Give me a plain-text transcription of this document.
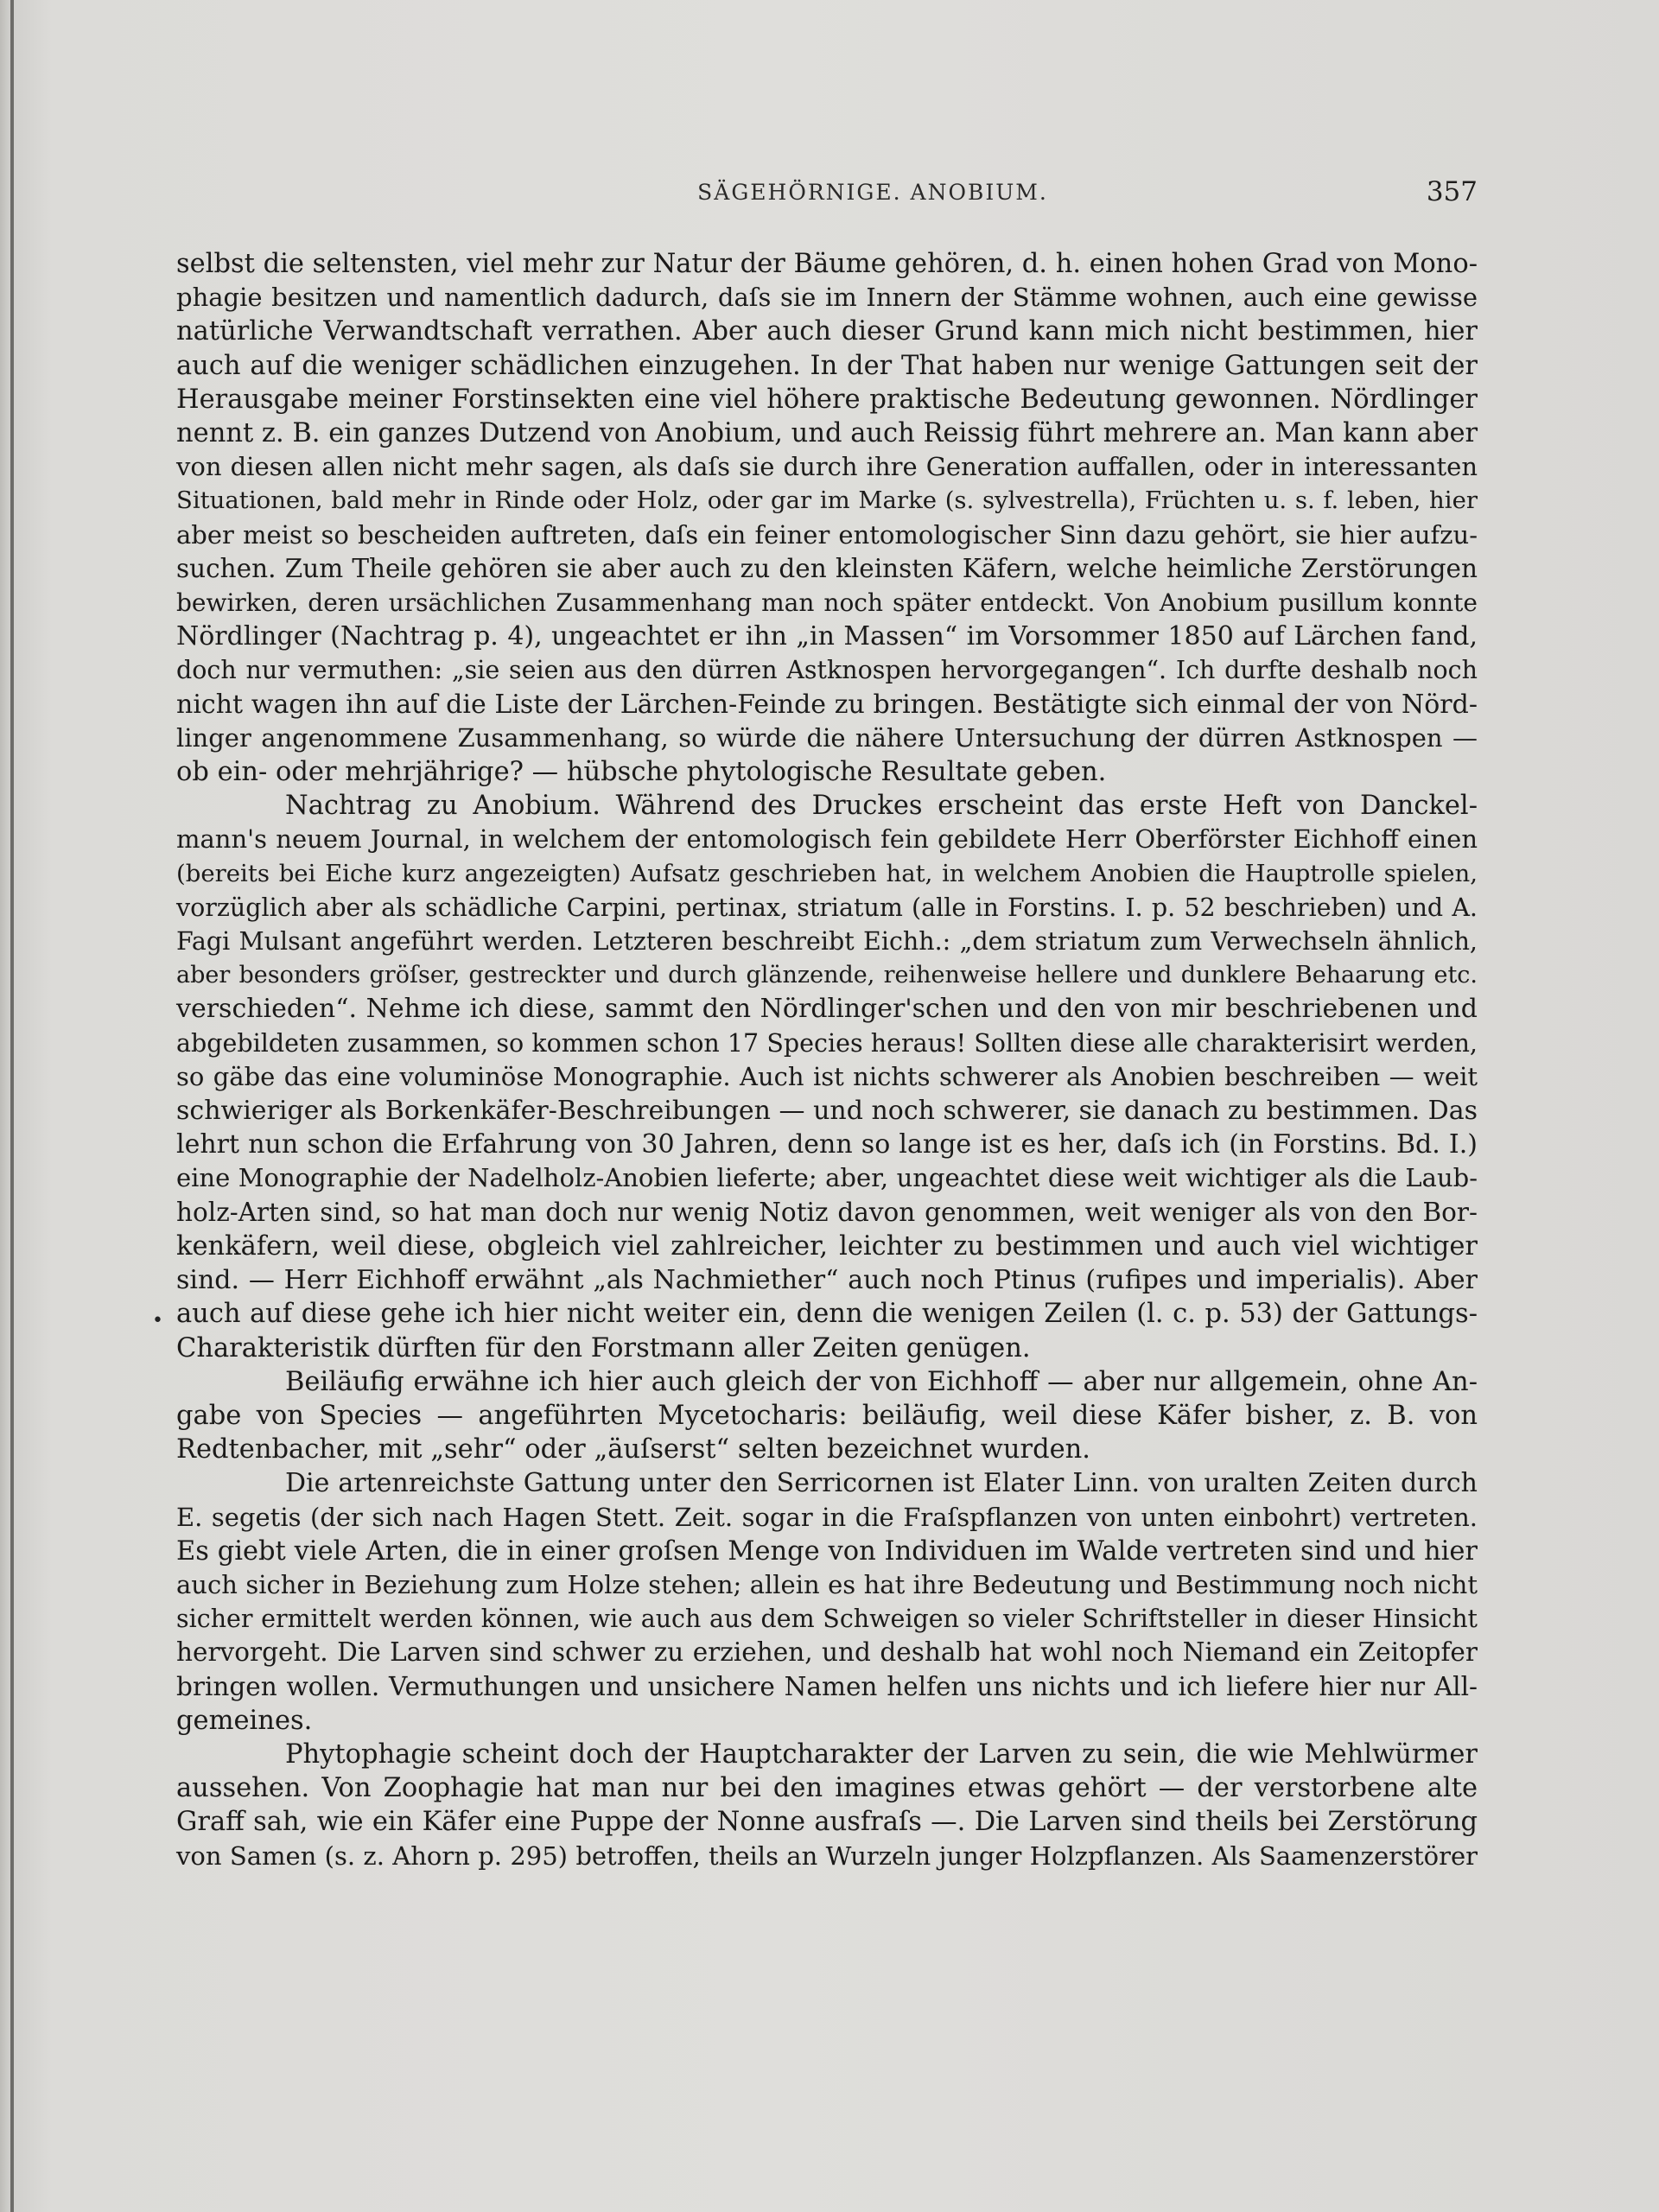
SÄGEHÖRNIGE. ANOBIUM.	357
•
selbst die seltensten, viel mehr zur Natur der Bäume gehören, d. h. einen hohen Grad von Mono-
phagie besitzen und namentlich dadurch, daſs sie im Innern der Stämme wohnen, auch eine gewisse
natürliche Verwandtschaft verrathen. Aber auch dieser Grund kann mich nicht bestimmen, hier
auch auf die weniger schädlichen einzugehen. In der That haben nur wenige Gattungen seit der
Herausgabe meiner Forstinsekten eine viel höhere praktische Bedeutung gewonnen. Nördlinger
nennt z. B. ein ganzes Dutzend von Anobium, und auch Reissig führt mehrere an. Man kann aber
von diesen allen nicht mehr sagen, als daſs sie durch ihre Generation auffallen, oder in interessanten
Situationen, bald mehr in Rinde oder Holz, oder gar im Marke (s. sylvestrella), Früchten u. s. f. leben, hier
aber meist so bescheiden auftreten, daſs ein feiner entomologischer Sinn dazu gehört, sie hier aufzu-
suchen. Zum Theile gehören sie aber auch zu den kleinsten Käfern, welche heimliche Zerstörungen
bewirken, deren ursächlichen Zusammenhang man noch später entdeckt. Von Anobium pusillum konnte
Nördlinger (Nachtrag p. 4), ungeachtet er ihn „in Massen“ im Vorsommer 1850 auf Lärchen fand,
doch nur vermuthen: „sie seien aus den dürren Astknospen hervorgegangen“. Ich durfte deshalb noch
nicht wagen ihn auf die Liste der Lärchen-Feinde zu bringen. Bestätigte sich einmal der von Nörd-
linger angenommene Zusammenhang, so würde die nähere Untersuchung der dürren Astknospen —
ob ein- oder mehrjährige? — hübsche phytologische Resultate geben.
Nachtrag zu Anobium. Während des Druckes erscheint das erste Heft von Danckel-
mann's neuem Journal, in welchem der entomologisch fein gebildete Herr Oberförster Eichhoff einen
(bereits bei Eiche kurz angezeigten) Aufsatz geschrieben hat, in welchem Anobien die Hauptrolle spielen,
vorzüglich aber als schädliche Carpini, pertinax, striatum (alle in Forstins. I. p. 52 beschrieben) und A.
Fagi Mulsant angeführt werden. Letzteren beschreibt Eichh.: „dem striatum zum Verwechseln ähnlich,
aber besonders gröſser, gestreckter und durch glänzende, reihenweise hellere und dunklere Behaarung etc.
verschieden“. Nehme ich diese, sammt den Nördlinger'schen und den von mir beschriebenen und
abgebildeten zusammen, so kommen schon 17 Species heraus! Sollten diese alle charakterisirt werden,
so gäbe das eine voluminöse Monographie. Auch ist nichts schwerer als Anobien beschreiben — weit
schwieriger als Borkenkäfer-Beschreibungen — und noch schwerer, sie danach zu bestimmen. Das
lehrt nun schon die Erfahrung von 30 Jahren, denn so lange ist es her, daſs ich (in Forstins. Bd. I.)
eine Monographie der Nadelholz-Anobien lieferte; aber, ungeachtet diese weit wichtiger als die Laub-
holz-Arten sind, so hat man doch nur wenig Notiz davon genommen, weit weniger als von den Bor-
kenkäfern, weil diese, obgleich viel zahlreicher, leichter zu bestimmen und auch viel wichtiger
sind. — Herr Eichhoff erwähnt „als Nachmiether“ auch noch Ptinus (rufipes und imperialis). Aber
auch auf diese gehe ich hier nicht weiter ein, denn die wenigen Zeilen (l. c. p. 53) der Gattungs-
Charakteristik dürften für den Forstmann aller Zeiten genügen.
Beiläufig erwähne ich hier auch gleich der von Eichhoff — aber nur allgemein, ohne An-
gabe von Species — angeführten Mycetocharis: beiläufig, weil diese Käfer bisher, z. B. von
Redtenbacher, mit „sehr“ oder „äuſserst“ selten bezeichnet wurden.
Die artenreichste Gattung unter den Serricornen ist Elater Linn. von uralten Zeiten durch
E. segetis (der sich nach Hagen Stett. Zeit. sogar in die Fraſspflanzen von unten einbohrt) vertreten.
Es giebt viele Arten, die in einer groſsen Menge von Individuen im Walde vertreten sind und hier
auch sicher in Beziehung zum Holze stehen; allein es hat ihre Bedeutung und Bestimmung noch nicht
sicher ermittelt werden können, wie auch aus dem Schweigen so vieler Schriftsteller in dieser Hinsicht
hervorgeht. Die Larven sind schwer zu erziehen, und deshalb hat wohl noch Niemand ein Zeitopfer
bringen wollen. Vermuthungen und unsichere Namen helfen uns nichts und ich liefere hier nur All-
gemeines.
Phytophagie scheint doch der Hauptcharakter der Larven zu sein, die wie Mehlwürmer
aussehen. Von Zoophagie hat man nur bei den imagines etwas gehört — der verstorbene alte
Graff sah, wie ein Käfer eine Puppe der Nonne ausfraſs —. Die Larven sind theils bei Zerstörung
von Samen (s. z. Ahorn p. 295) betroffen, theils an Wurzeln junger Holzpflanzen. Als Saamenzerstörer
